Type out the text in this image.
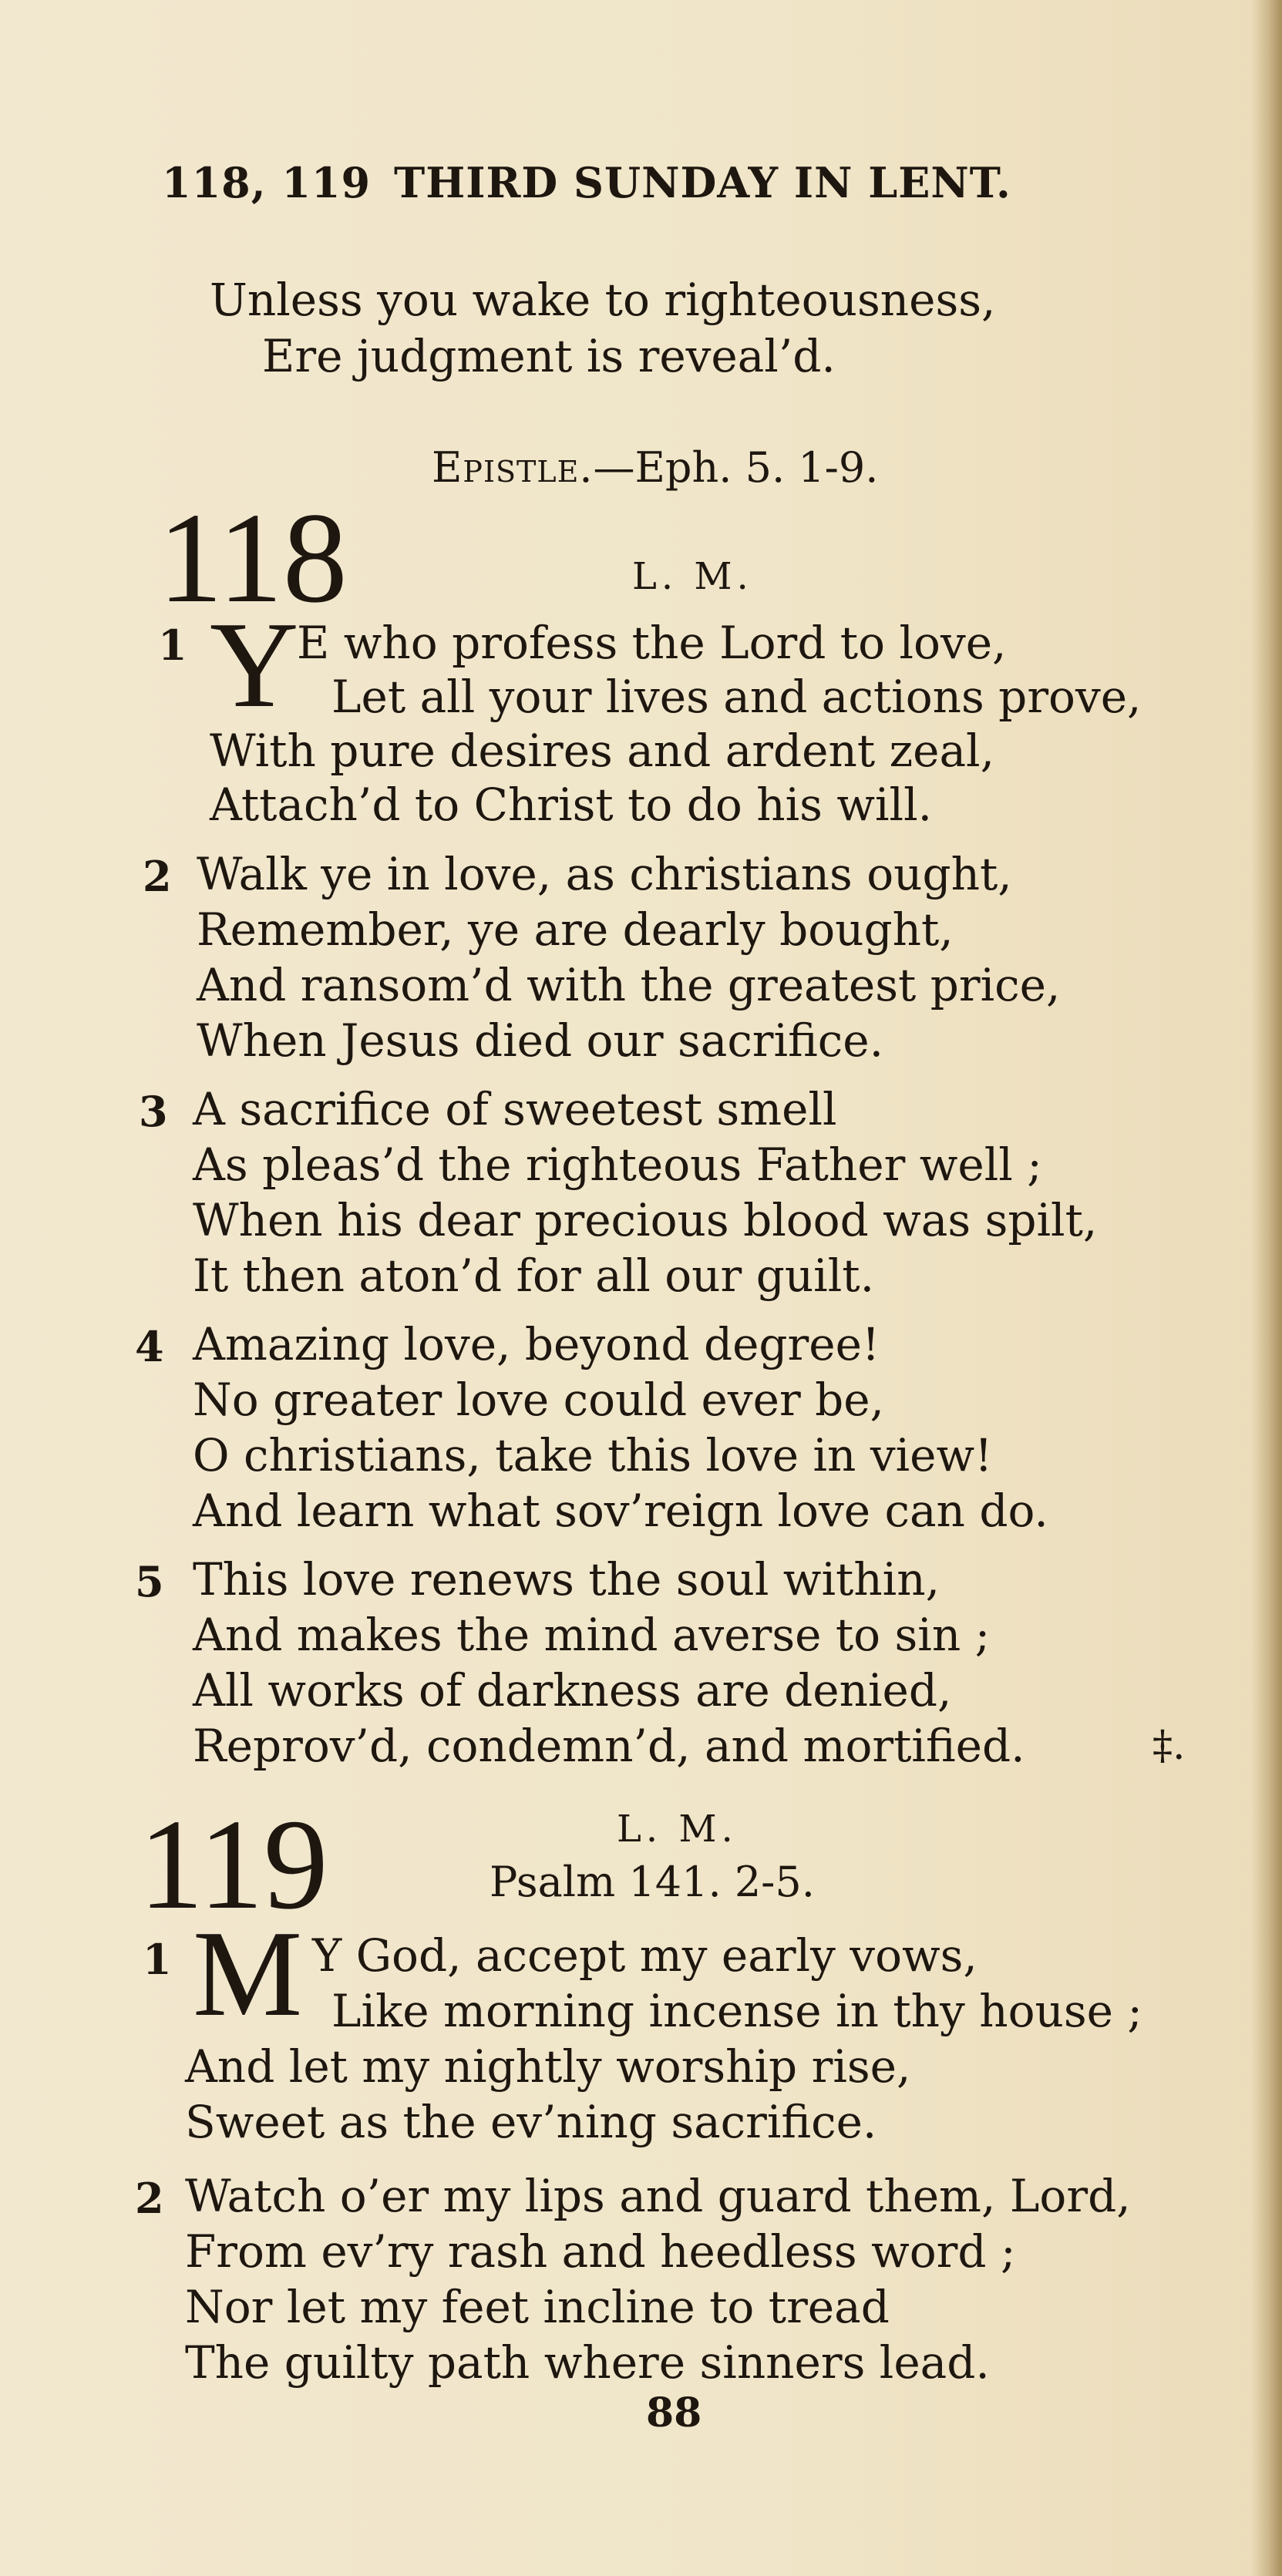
118, 119 THIRD SUNDAY IN LENT.
Unless you wake to righteousness,
Ere judgment is reveal’d.
Epistle.—Eph. 5. 1-9.
118	L. M.
1 Y
E who profess the Lord to love,
Let all your lives and actions prove,
With pure desires and ardent zeal,
Attach’d to Christ to do his will.
2 Walk ye in love, as christians ought,
Remember, ye are dearly bought,
And ransom’d with the greatest price,
When Jesus died our sacrifice.
3 A sacrifice of sweetest smell
As pleas’d the righteous Father well ;
When his dear precious blood was spilt,
It then aton’d for all our guilt.
4 Amazing love, beyond degree!
No greater love could ever be,
O christians, take this love in view!
And learn what sov’reign love can do.
5 This love renews the soul within,
And makes the mind averse to sin ;
All works of darkness are denied,
Reprov’d, condemn’d, and mortified.	‡.
119	L. M.
Psalm 141. 2-5.
1 M Y God, accept my early vows,
Like morning incense in thy house ;
And let my nightly worship rise,
Sweet as the ev’ning sacrifice.
2 Watch o’er my lips and guard them, Lord,
From ev’ry rash and heedless word ;
Nor let my feet incline to tread
The guilty path where sinners lead.
88
